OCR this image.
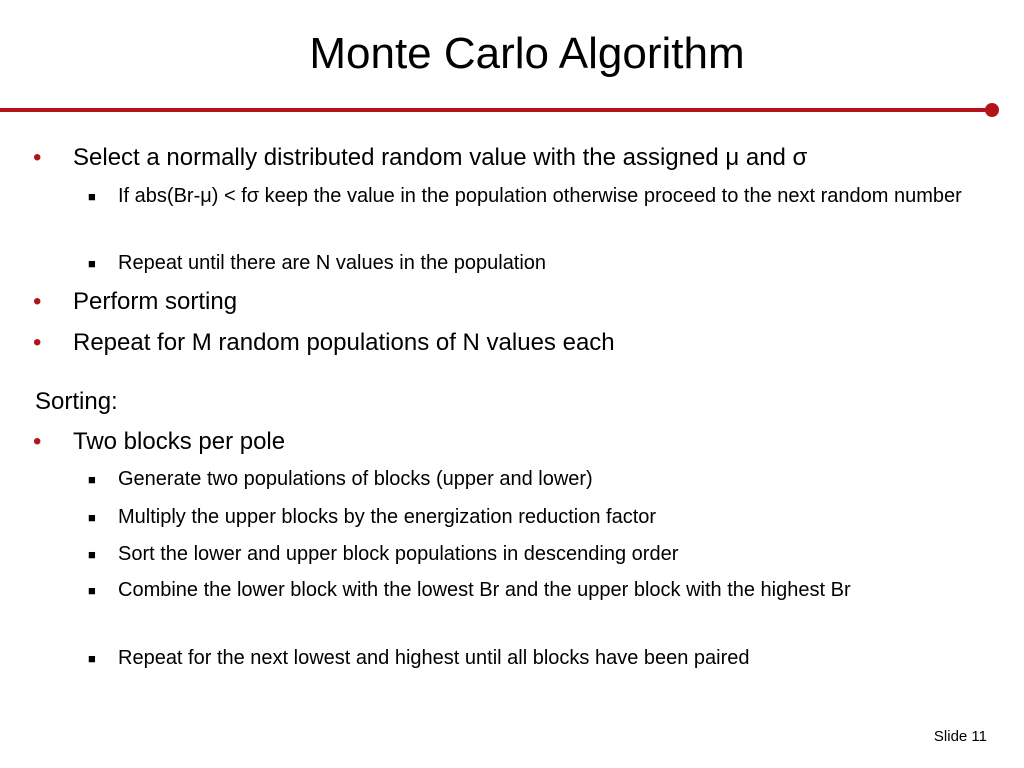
Monte Carlo Algorithm
• Select a normally distributed random value with the assigned μ and σ
■ If abs(Br-μ) < fσ keep the value in the population otherwise proceed to the next random number
■ Repeat until there are N values in the population
• Perform sorting
• Repeat for M random populations of N values each
Sorting:
• Two blocks per pole
■ Generate two populations of blocks (upper and lower)
■ Multiply the upper blocks by the energization reduction factor
■ Sort the lower and upper block populations in descending order
■ Combine the lower block with the lowest Br and the upper block with the highest Br
■ Repeat for the next lowest and highest until all blocks have been paired
Slide 11
